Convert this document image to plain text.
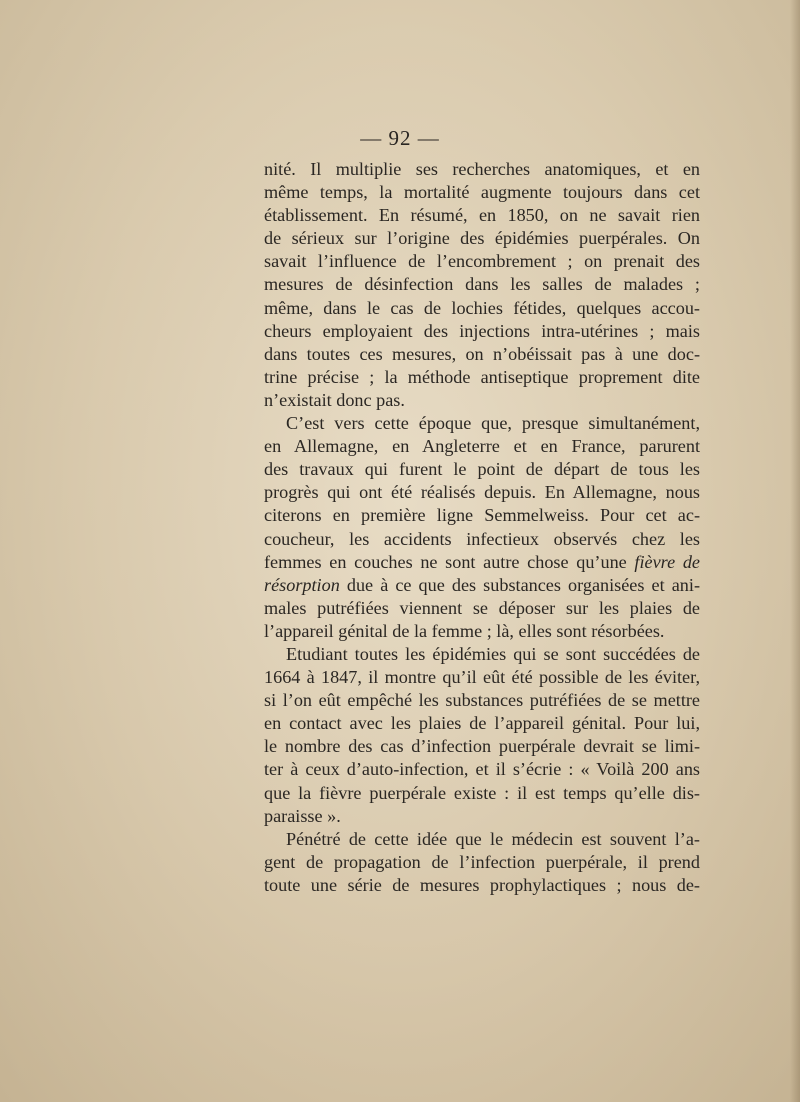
— 92 —
nité. Il multiplie ses recherches anatomiques, et en
même temps, la mortalité augmente toujours dans cet
établissement. En résumé, en 1850, on ne savait rien
de sérieux sur l’origine des épidémies puerpérales. On
savait l’influence de l’encombrement ; on prenait des
mesures de désinfection dans les salles de malades ;
même, dans le cas de lochies fétides, quelques accou-
cheurs employaient des injections intra-utérines ; mais
dans toutes ces mesures, on n’obéissait pas à une doc-
trine précise ; la méthode antiseptique proprement dite
n’existait donc pas.
C’est vers cette époque que, presque simultanément,
en Allemagne, en Angleterre et en France, parurent
des travaux qui furent le point de départ de tous les
progrès qui ont été réalisés depuis. En Allemagne, nous
citerons en première ligne Semmelweiss. Pour cet ac-
coucheur, les accidents infectieux observés chez les
femmes en couches ne sont autre chose qu’une fièvre de
résorption due à ce que des substances organisées et ani-
males putréfiées viennent se déposer sur les plaies de
l’appareil génital de la femme ; là, elles sont résorbées.
Etudiant toutes les épidémies qui se sont succédées de
1664 à 1847, il montre qu’il eût été possible de les éviter,
si l’on eût empêché les substances putréfiées de se mettre
en contact avec les plaies de l’appareil génital. Pour lui,
le nombre des cas d’infection puerpérale devrait se limi-
ter à ceux d’auto-infection, et il s’écrie : « Voilà 200 ans
que la fièvre puerpérale existe : il est temps qu’elle dis-
paraisse ».
Pénétré de cette idée que le médecin est souvent l’a-
gent de propagation de l’infection puerpérale, il prend
toute une série de mesures prophylactiques ; nous de-
